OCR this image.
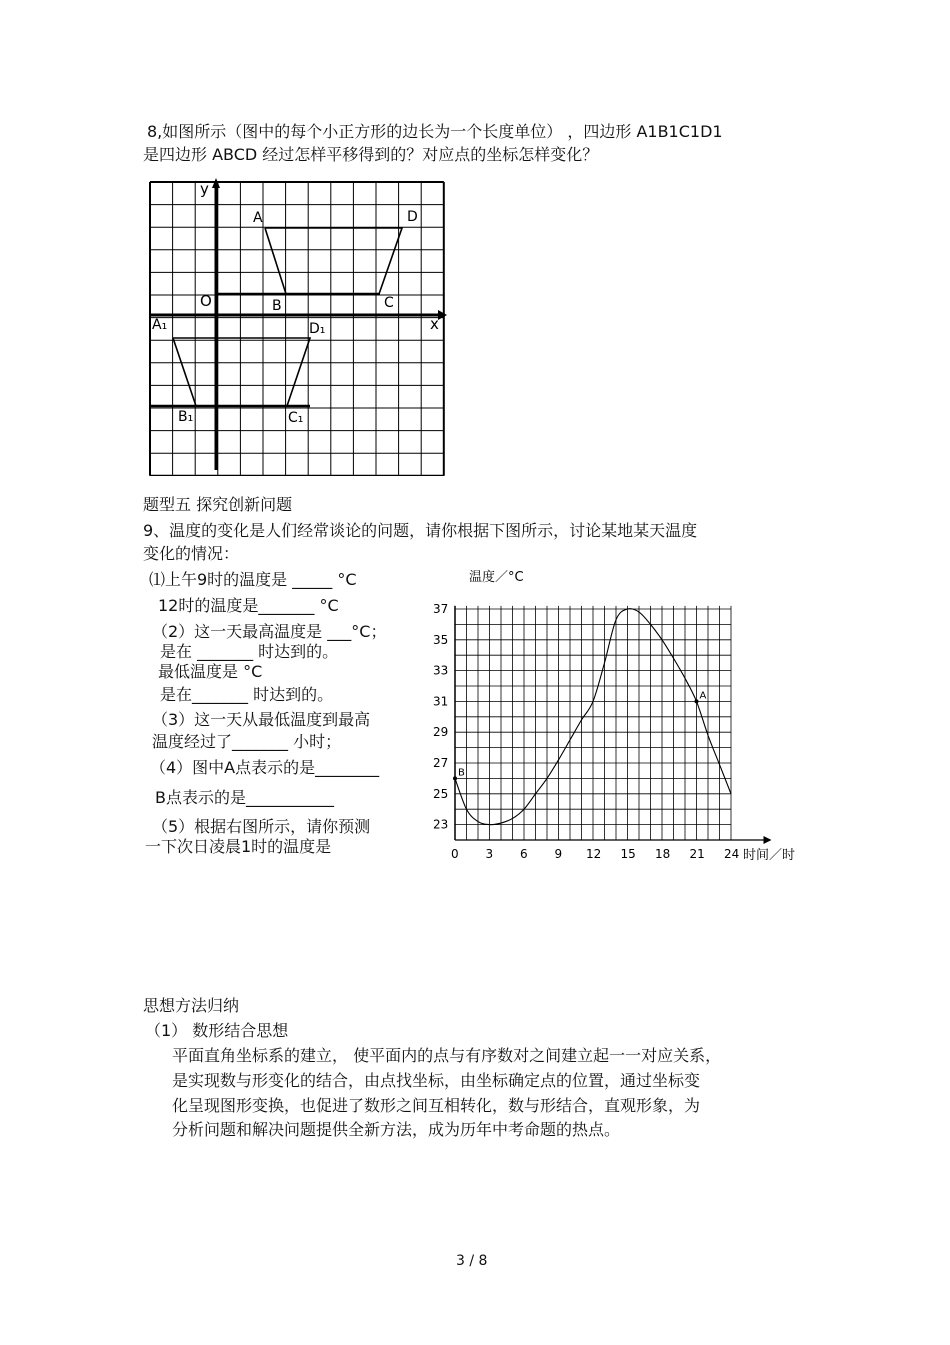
8,如图所示（图中的每个小正方形的边长为一个长度单位） ，四边形 A1B1C1D1
是四边形 ABCD 经过怎样平移得到的？对应点的坐标怎样变化？
y
x
O
A
B	C
D
A₁
B₁	C₁
D₁
题型五 探究创新问题
9、温度的变化是人们经常谈论的问题，请你根据下图所示，讨论某地某天温度
变化的情况：
⑴上午9时的温度是 _____ °C
12时的温度是_______ °C
（2）这一天最高温度是 ___°C；
是在 _______ 时达到的。
最低温度是 °C
是在_______ 时达到的。
（3）这一天从最低温度到最高
温度经过了_______ 小时；
（4）图中A点表示的是________
B点表示的是___________
（5）根据右图所示，请你预测
一下次日凌晨1时的温度是
23
25
27
29
31
33
35
37
0 3 6 9 12 15 18 21 24
A
B
温度／°C
时间／时
思想方法归纳
（1） 数形结合思想
平面直角坐标系的建立， 使平面内的点与有序数对之间建立起一一对应关系，
是实现数与形变化的结合，由点找坐标，由坐标确定点的位置，通过坐标变
化呈现图形变换，也促进了数形之间互相转化，数与形结合，直观形象，为
分析问题和解决问题提供全新方法，成为历年中考命题的热点。
3 / 8
